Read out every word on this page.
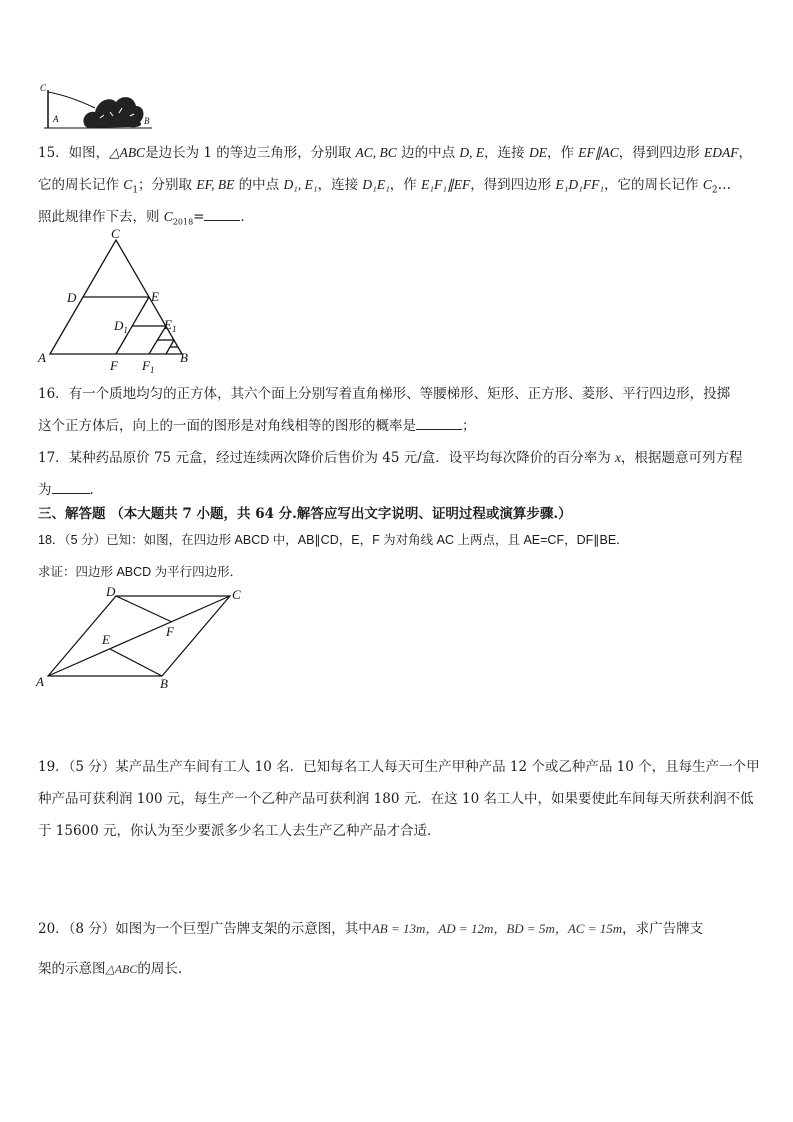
C
A	B
15．如图，△ABC是边长为 1 的等边三角形，分别取 AC, BC 边的中点 D, E，连接 DE，作 EF∥AC，得到四边形 EDAF，
它的周长记作 $C_1$；分别取 EF, BE 的中点 D₁, E₁，连接 D₁E₁，作 E₁F₁∥EF，得到四边形 E₁D₁FF₁，它的周长记作 $C_2\dots$
照此规律作下去，则 $C_{2018}=$	．
C
D	E
$D_1$	$E_1$
A
F $F_1$
B
16．有一个质地均匀的正方体，其六个面上分别写着直角梯形、等腰梯形、矩形、正方形、菱形、平行四边形，投掷
这个正方体后，向上的一面的图形是对角线相等的图形的概率是	；
17．某种药品原价 75 元盒，经过连续两次降价后售价为 45 元/盒．设平均每次降价的百分率为 x，根据题意可列方程
为	．
三、解答题 （本大题共 7 小题，共 64 分.解答应写出文字说明、证明过程或演算步骤.）
18．（5 分）已知：如图，在四边形 ABCD 中，AB∥CD，E，F 为对角线 AC 上两点，且 AE=CF，DF∥BE．
求证：四边形 ABCD 为平行四边形．
D	C
E
F
A	B
19．（5 分）某产品生产车间有工人 10 名．已知每名工人每天可生产甲种产品 12 个或乙种产品 10 个，且每生产一个甲
种产品可获利润 100 元，每生产一个乙种产品可获利润 180 元．在这 10 名工人中，如果要使此车间每天所获利润不低
于 15600 元，你认为至少要派多少名工人去生产乙种产品才合适．
20．（8 分）如图为一个巨型广告牌支架的示意图，其中AB = 13m，AD = 12m，BD = 5m，AC = 15m，求广告牌支
架的示意图△ABC的周长.
